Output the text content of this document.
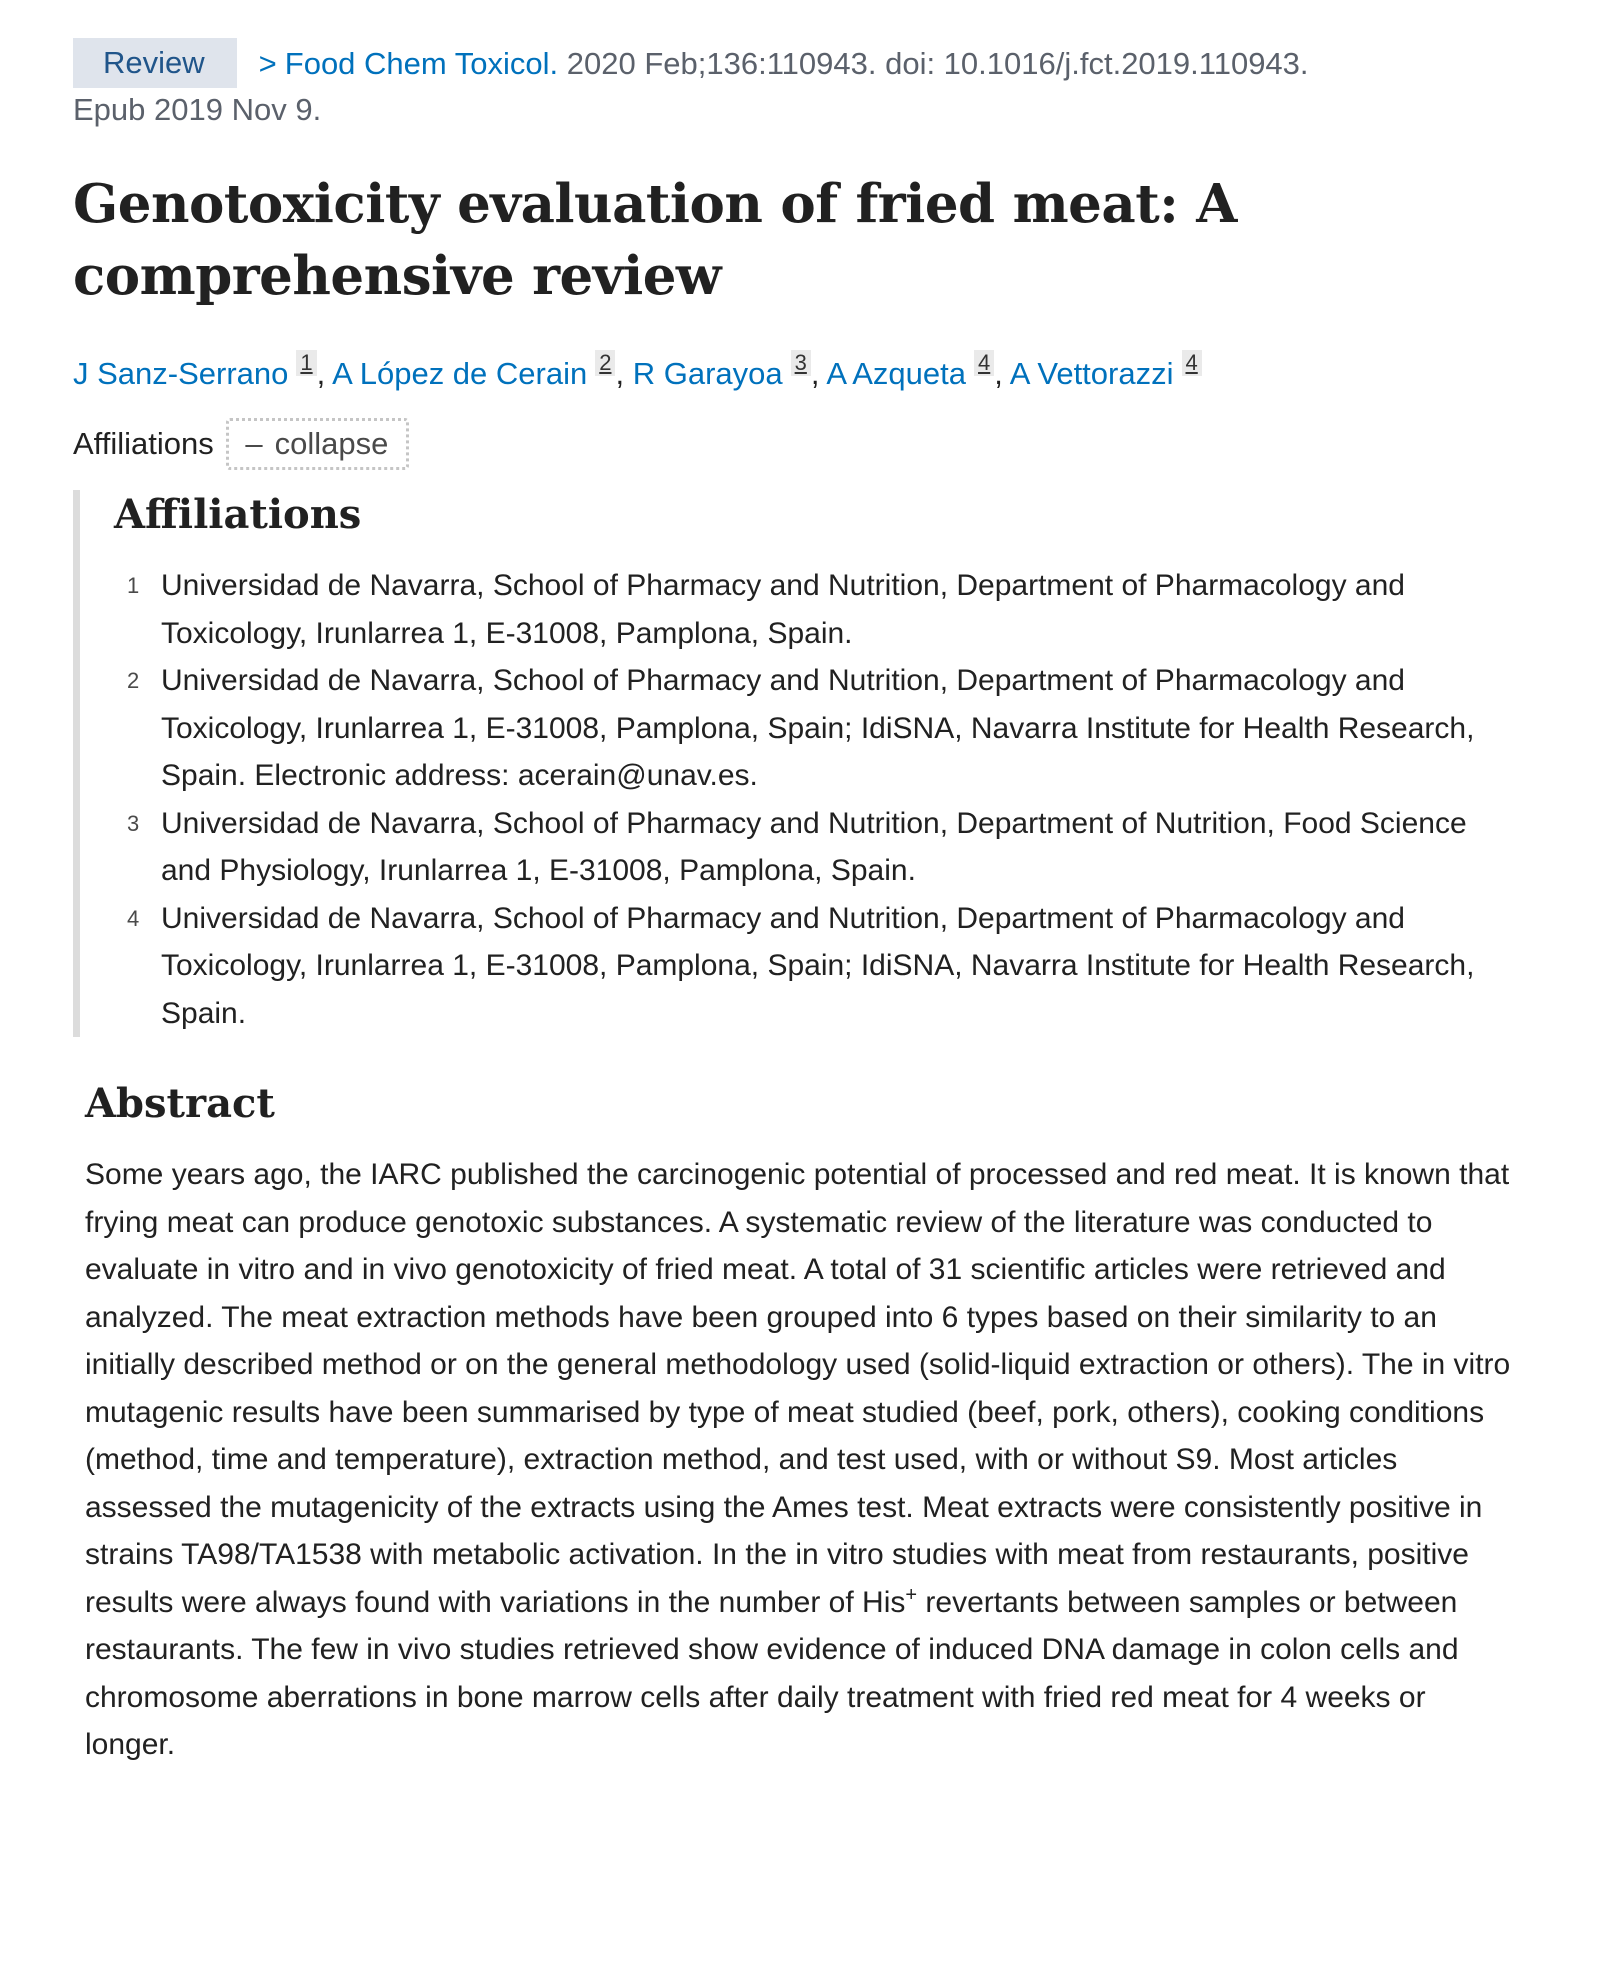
Review > Food Chem Toxicol. 2020 Feb;136:110943. doi: 10.1016/j.fct.2019.110943.
Epub 2019 Nov 9.
Genotoxicity evaluation of fried meat: A comprehensive review
J Sanz-Serrano 1 , A López de Cerain 2 , R Garayoa 3 , A Azqueta 4 , A Vettorazzi 4
Affiliations – collapse
Affiliations
1 Universidad de Navarra, School of Pharmacy and Nutrition, Department of Pharmacology and Toxicology, Irunlarrea 1, E-31008, Pamplona, Spain.
2 Universidad de Navarra, School of Pharmacy and Nutrition, Department of Pharmacology and Toxicology, Irunlarrea 1, E-31008, Pamplona, Spain; IdiSNA, Navarra Institute for Health Research, Spain. Electronic address: acerain@unav.es.
3 Universidad de Navarra, School of Pharmacy and Nutrition, Department of Nutrition, Food Science and Physiology, Irunlarrea 1, E-31008, Pamplona, Spain.
4 Universidad de Navarra, School of Pharmacy and Nutrition, Department of Pharmacology and Toxicology, Irunlarrea 1, E-31008, Pamplona, Spain; IdiSNA, Navarra Institute for Health Research, Spain.
Abstract

Some years ago, the IARC published the carcinogenic potential of processed and red meat. It is known that frying meat can produce genotoxic substances. A systematic review of the literature was conducted to evaluate in vitro and in vivo genotoxicity of fried meat. A total of 31 scientific articles were retrieved and analyzed. The meat extraction methods have been grouped into 6 types based on their similarity to an initially described method or on the general methodology used (solid-liquid extraction or others). The in vitro mutagenic results have been summarised by type of meat studied (beef, pork, others), cooking conditions (method, time and temperature), extraction method, and test used, with or without S9. Most articles assessed the mutagenicity of the extracts using the Ames test. Meat extracts were consistently positive in strains TA98/TA1538 with metabolic activation. In the in vitro studies with meat from restaurants, positive results were always found with variations in the number of His+ revertants between samples or between restaurants. The few in vivo studies retrieved show evidence of induced DNA damage in colon cells and chromosome aberrations in bone marrow cells after daily treatment with fried red meat for 4 weeks or longer.
